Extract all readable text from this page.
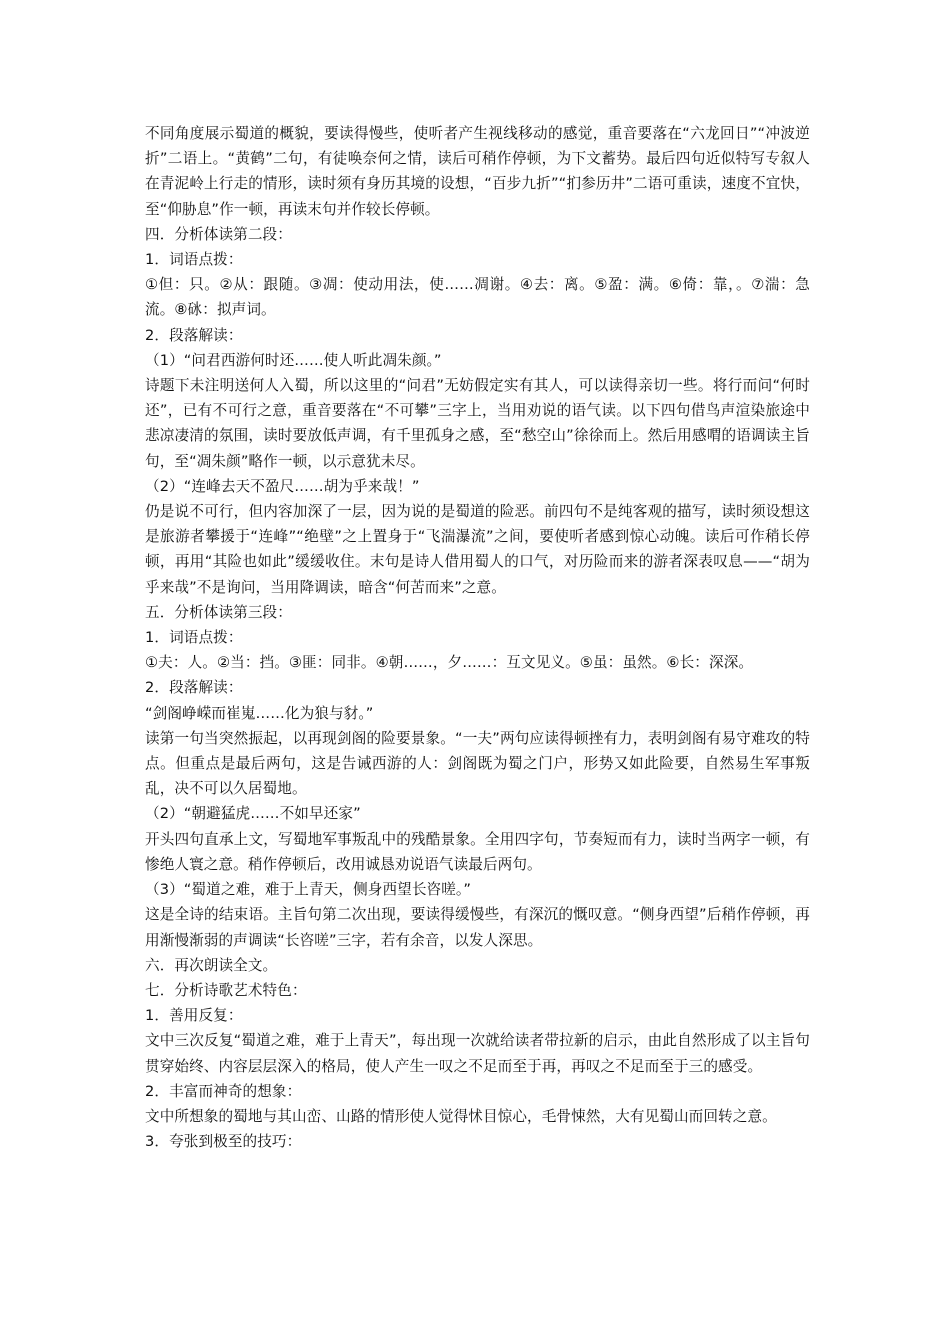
不同角度展示蜀道的概貌，要读得慢些，使听者产生视线移动的感觉，重音要落在“六龙回日”“冲波逆折”二语上。“黄鹤”二句，有徒唤奈何之情，读后可稍作停顿，为下文蓄势。最后四句近似特写专叙人在青泥岭上行走的情形，读时须有身历其境的设想，“百步九折”“扪参历井”二语可重读，速度不宜快，至“仰胁息”作一顿，再读末句并作较长停顿。

四．分析体读第二段：

1．词语点拨：

①但：只。②从：跟随。③凋：使动用法，使……凋谢。④去：离。⑤盈：满。⑥倚：靠，。⑦湍：急流。⑧砯：拟声词。

2．段落解读：

（1）“问君西游何时还……使人听此凋朱颜。”

诗题下未注明送何人入蜀，所以这里的“问君”无妨假定实有其人，可以读得亲切一些。将行而问“何时还”，已有不可行之意，重音要落在“不可攀”三字上，当用劝说的语气读。以下四句借鸟声渲染旅途中悲凉凄清的氛围，读时要放低声调，有千里孤身之感，至“愁空山”徐徐而上。然后用感喟的语调读主旨句，至“凋朱颜”略作一顿，以示意犹未尽。

（2）“连峰去天不盈尺……胡为乎来哉！”

仍是说不可行，但内容加深了一层，因为说的是蜀道的险恶。前四句不是纯客观的描写，读时须设想这是旅游者攀援于“连峰”“绝壁”之上置身于“飞湍瀑流”之间，要使听者感到惊心动魄。读后可作稍长停顿，再用“其险也如此”缓缓收住。末句是诗人借用蜀人的口气，对历险而来的游者深表叹息——“胡为乎来哉”不是询问，当用降调读，暗含“何苦而来”之意。

五．分析体读第三段：

1．词语点拨：

①夫：人。②当：挡。③匪：同非。④朝……，夕……：互文见义。⑤虽：虽然。⑥长：深深。

2．段落解读：

“剑阁峥嵘而崔嵬……化为狼与豺。”

读第一句当突然振起，以再现剑阁的险要景象。“一夫”两句应读得顿挫有力，表明剑阁有易守难攻的特点。但重点是最后两句，这是告诫西游的人：剑阁既为蜀之门户，形势又如此险要，自然易生军事叛乱，决不可以久居蜀地。

（2）“朝避猛虎……不如早还家”

开头四句直承上文，写蜀地军事叛乱中的残酷景象。全用四字句，节奏短而有力，读时当两字一顿，有惨绝人寰之意。稍作停顿后，改用诚恳劝说语气读最后两句。

（3）“蜀道之难，难于上青天，侧身西望长咨嗟。”

这是全诗的结束语。主旨句第二次出现，要读得缓慢些，有深沉的慨叹意。“侧身西望”后稍作停顿，再用渐慢渐弱的声调读“长咨嗟”三字，若有余音，以发人深思。

六．再次朗读全文。

七．分析诗歌艺术特色：

1．善用反复：

文中三次反复“蜀道之难，难于上青天”，每出现一次就给读者带拉新的启示，由此自然形成了以主旨句贯穿始终、内容层层深入的格局，使人产生一叹之不足而至于再，再叹之不足而至于三的感受。

2．丰富而神奇的想象：

文中所想象的蜀地与其山峦、山路的情形使人觉得怵目惊心，毛骨悚然，大有见蜀山而回转之意。

3．夸张到极至的技巧：
